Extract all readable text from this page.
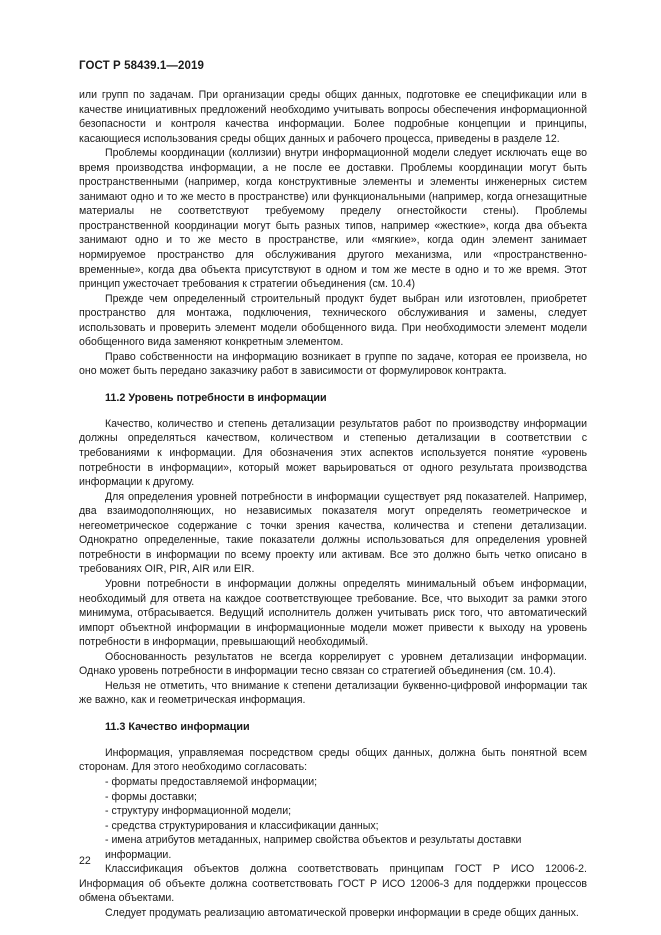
ГОСТ Р 58439.1—2019

или групп по задачам. При организации среды общих данных, подготовке ее спецификации или в качестве инициативных предложений необходимо учитывать вопросы обеспечения информационной безопасности и контроля качества информации. Более подробные концепции и принципы, касающиеся использования среды общих данных и рабочего процесса, приведены в разделе 12.

Проблемы координации (коллизии) внутри информационной модели следует исключать еще во время производства информации, а не после ее доставки. Проблемы координации могут быть пространственными (например, когда конструктивные элементы и элементы инженерных систем занимают одно и то же место в пространстве) или функциональными (например, когда огнезащитные материалы не соответствуют требуемому пределу огнестойкости стены). Проблемы пространственной координации могут быть разных типов, например «жесткие», когда два объекта занимают одно и то же место в пространстве, или «мягкие», когда один элемент занимает нормируемое пространство для обслуживания другого механизма, или «пространственно-временные», когда два объекта присутствуют в одном и том же месте в одно и то же время. Этот принцип ужесточает требования к стратегии объединения (см. 10.4)

Прежде чем определенный строительный продукт будет выбран или изготовлен, приобретет пространство для монтажа, подключения, технического обслуживания и замены, следует использовать и проверить элемент модели обобщенного вида. При необходимости элемент модели обобщенного вида заменяют конкретным элементом.

Право собственности на информацию возникает в группе по задаче, которая ее произвела, но оно может быть передано заказчику работ в зависимости от формулировок контракта.

11.2 Уровень потребности в информации

Качество, количество и степень детализации результатов работ по производству информации должны определяться качеством, количеством и степенью детализации в соответствии с требованиями к информации. Для обозначения этих аспектов используется понятие «уровень потребности в информации», который может варьироваться от одного результата производства информации к другому.

Для определения уровней потребности в информации существует ряд показателей. Например, два взаимодополняющих, но независимых показателя могут определять геометрическое и негеометрическое содержание с точки зрения качества, количества и степени детализации. Однократно определенные, такие показатели должны использоваться для определения уровней потребности в информации по всему проекту или активам. Все это должно быть четко описано в требованиях OIR, PIR, AIR или EIR.

Уровни потребности в информации должны определять минимальный объем информации, необходимый для ответа на каждое соответствующее требование. Все, что выходит за рамки этого минимума, отбрасывается. Ведущий исполнитель должен учитывать риск того, что автоматический импорт объектной информации в информационные модели может привести к выходу на уровень потребности в информации, превышающий необходимый.

Обоснованность результатов не всегда коррелирует с уровнем детализации информации. Однако уровень потребности в информации тесно связан со стратегией объединения (см. 10.4).

Нельзя не отметить, что внимание к степени детализации буквенно-цифровой информации так же важно, как и геометрическая информация.

11.3 Качество информации

Информация, управляемая посредством среды общих данных, должна быть понятной всем сторонам. Для этого необходимо согласовать:

- форматы предоставляемой информации;
- формы доставки;
- структуру информационной модели;
- средства структурирования и классификации данных;
- имена атрибутов метаданных, например свойства объектов и результаты доставки информации.

Классификация объектов должна соответствовать принципам ГОСТ Р ИСО 12006-2. Информация об объекте должна соответствовать ГОСТ Р ИСО 12006-3 для поддержки процессов обмена объектами.

Следует продумать реализацию автоматической проверки информации в среде общих данных.

22
